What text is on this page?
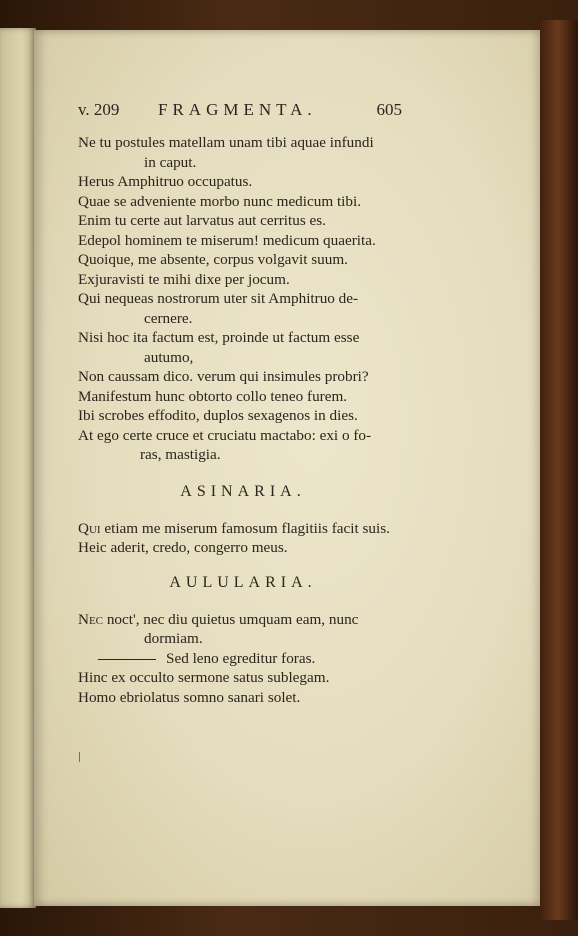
v. 209 FRAGMENTA.	605
Ne tu postules matellam unam tibi aquae infundi
in caput.
Herus Amphitruo occupatus.
Quae se adveniente morbo nunc medicum tibi.
Enim tu certe aut larvatus aut cerritus es.
Edepol hominem te miserum! medicum quaerita.
Quoique, me absente, corpus volgavit suum.
Exjuravisti te mihi dixe per jocum.
Qui nequeas nostrorum uter sit Amphitruo de-
cernere.
Nisi hoc ita factum est, proinde ut factum esse
autumo,
Non caussam dico. verum qui insimules probri?
Manifestum hunc obtorto collo teneo furem.
Ibi scrobes effodito, duplos sexagenos in dies.
At ego certe cruce et cruciatu mactabo: exi o fo-
ras, mastigia.
ASINARIA.
Qui etiam me miserum famosum flagitiis facit suis.
Heic aderit, credo, congerro meus.
AULULARIA.
Nec noct', nec diu quietus umquam eam, nunc
dormiam.
Sed leno egreditur foras.
Hinc ex occulto sermone satus sublegam.
Homo ebriolatus somno sanari solet.
